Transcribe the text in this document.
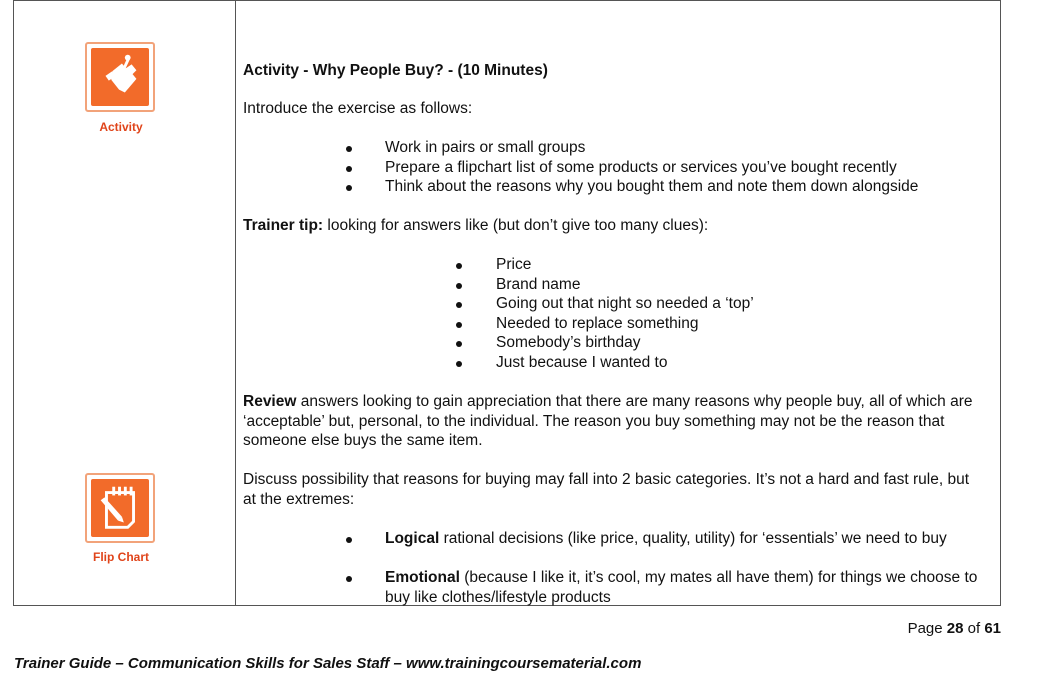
Activity
Flip Chart
Activity - Why People Buy? - (10 Minutes)
Introduce the exercise as follows:
Work in pairs or small groups
Prepare a flipchart list of some products or services you’ve bought recently
Think about the reasons why you bought them and note them down alongside
Trainer tip: looking for answers like (but don’t give too many clues):
Price
Brand name
Going out that night so needed a ‘top’
Needed to replace something
Somebody’s birthday
Just because I wanted to
Review answers looking to gain appreciation that there are many reasons why people buy, all of which are ‘acceptable’ but, personal, to the individual. The reason you buy something may not be the reason that someone else buys the same item.
Discuss possibility that reasons for buying may fall into 2 basic categories. It’s not a hard and fast rule, but at the extremes:
Logical rational decisions (like price, quality, utility) for ‘essentials’ we need to buy
Emotional (because I like it, it’s cool, my mates all have them) for things we choose to buy like clothes/lifestyle products
Page 28 of 61
Trainer Guide – Communication Skills for Sales Staff – www.trainingcoursematerial.com
